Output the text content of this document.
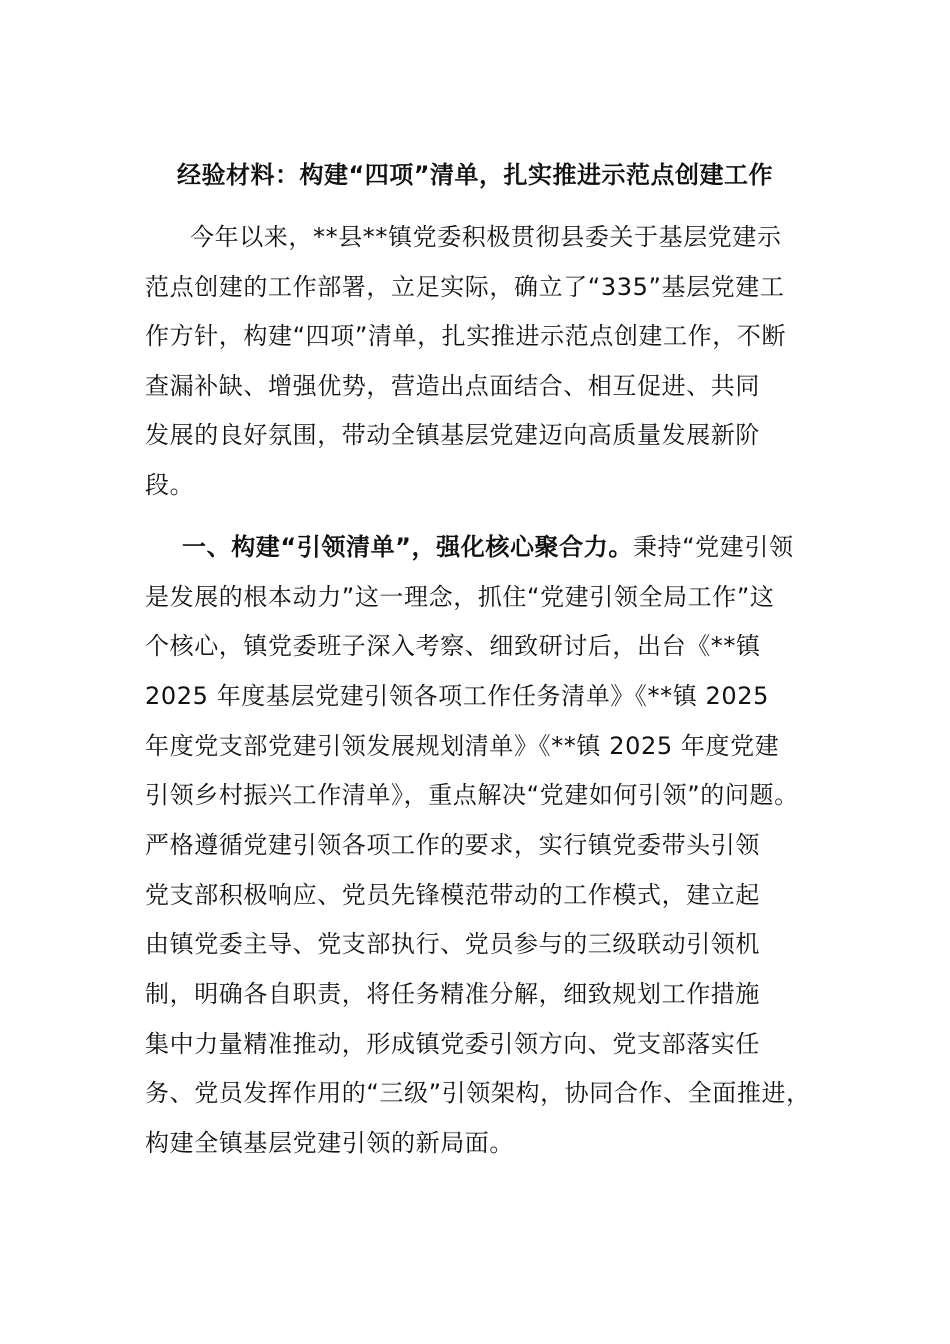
经验材料：构建“四项”清单，扎实推进示范点创建工作
今年以来，**县**镇党委积极贯彻县委关于基层党建示
范点创建的工作部署，立足实际，确立了“335”基层党建工
作方针，构建“四项”清单，扎实推进示范点创建工作，不断
查漏补缺、增强优势，营造出点面结合、相互促进、共同
发展的良好氛围，带动全镇基层党建迈向高质量发展新阶
段。
一、构建“引领清单”，强化核心聚合力。秉持“党建引领
是发展的根本动力”这一理念，抓住“党建引领全局工作”这
个核心，镇党委班子深入考察、细致研讨后，出台《**镇
2025 年度基层党建引领各项工作任务清单》《**镇 2025
年度党支部党建引领发展规划清单》《**镇 2025 年度党建
引领乡村振兴工作清单》，重点解决“党建如何引领”的问题。
严格遵循党建引领各项工作的要求，实行镇党委带头引领
党支部积极响应、党员先锋模范带动的工作模式，建立起
由镇党委主导、党支部执行、党员参与的三级联动引领机
制，明确各自职责，将任务精准分解，细致规划工作措施
集中力量精准推动，形成镇党委引领方向、党支部落实任
务、党员发挥作用的“三级”引领架构，协同合作、全面推进，
构建全镇基层党建引领的新局面。
